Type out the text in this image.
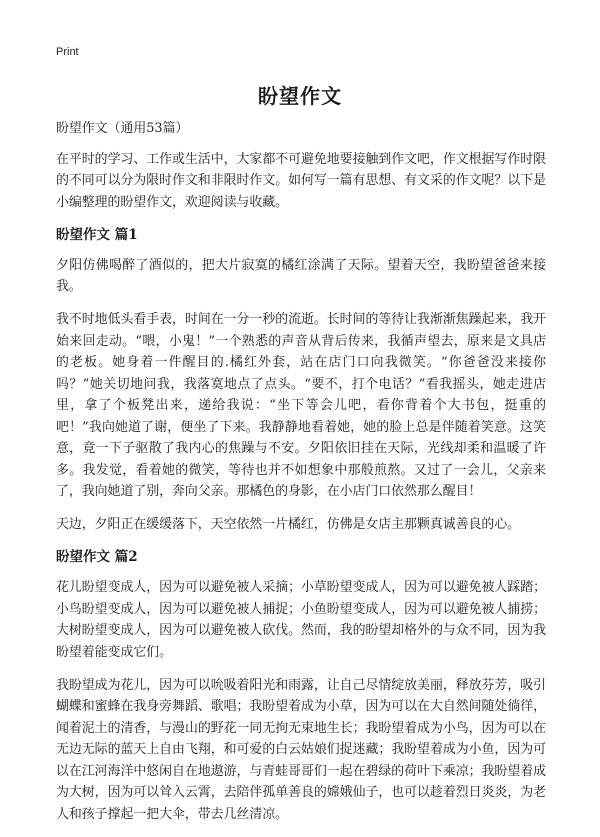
Print
盼望作文

盼望作文（通用53篇）

在平时的学习、工作或生活中，大家都不可避免地要接触到作文吧，作文根据写作时限的不同可以分为限时作文和非限时作文。如何写一篇有思想、有文采的作文呢？以下是小编整理的盼望作文，欢迎阅读与收藏。

盼望作文 篇1

夕阳仿佛喝醉了酒似的，把大片寂寞的橘红涂满了天际。望着天空，我盼望爸爸来接我。

我不时地低头看手表，时间在一分一秒的流逝。长时间的等待让我渐渐焦躁起来，我开始来回走动。“喂，小鬼！”一个熟悉的声音从背后传来，我循声望去，原来是文具店的老板。她身着一件醒目的.橘红外套，站在店门口向我微笑。“你爸爸没来接你吗？”她关切地问我，我落寞地点了点头。“要不，打个电话？”看我摇头，她走进店里，拿了个板凳出来，递给我说：“坐下等会儿吧，看你背着个大书包，挺重的吧！”我向她道了谢，便坐了下来。我静静地看着她，她的脸上总是伴随着笑意。这笑意，竟一下子驱散了我内心的焦躁与不安。夕阳依旧挂在天际，光线却柔和温暖了许多。我发觉，看着她的微笑，等待也并不如想象中那般煎熬。又过了一会儿，父亲来了，我向她道了别，奔向父亲。那橘色的身影，在小店门口依然那么醒目！

天边，夕阳正在缓缓落下，天空依然一片橘红，仿佛是女店主那颗真诚善良的心。

盼望作文 篇2

花儿盼望变成人，因为可以避免被人采摘；小草盼望变成人，因为可以避免被人踩踏；小鸟盼望变成人，因为可以避免被人捕捉；小鱼盼望变成人，因为可以避免被人捕捞；大树盼望变成人，因为可以避免被人砍伐。然而，我的盼望却格外的与众不同，因为我盼望着能变成它们。

我盼望成为花儿，因为可以吮吸着阳光和雨露，让自己尽情绽放美丽，释放芬芳，吸引蝴蝶和蜜蜂在我身旁舞蹈、歌唱；我盼望着成为小草，因为可以在大自然间随处徜徉，闻着泥土的清香，与漫山的野花一同无拘无束地生长；我盼望着成为小鸟，因为可以在无边无际的蓝天上自由飞翔，和可爱的白云姑娘们捉迷藏；我盼望着成为小鱼，因为可以在江河海洋中悠闲自在地遨游，与青蛙哥哥们一起在碧绿的荷叶下乘凉；我盼望着成为大树，因为可以耸入云霄，去陪伴孤单善良的嫦娥仙子，也可以趁着烈日炎炎，为老人和孩子撑起一把大伞，带去几丝清凉。
